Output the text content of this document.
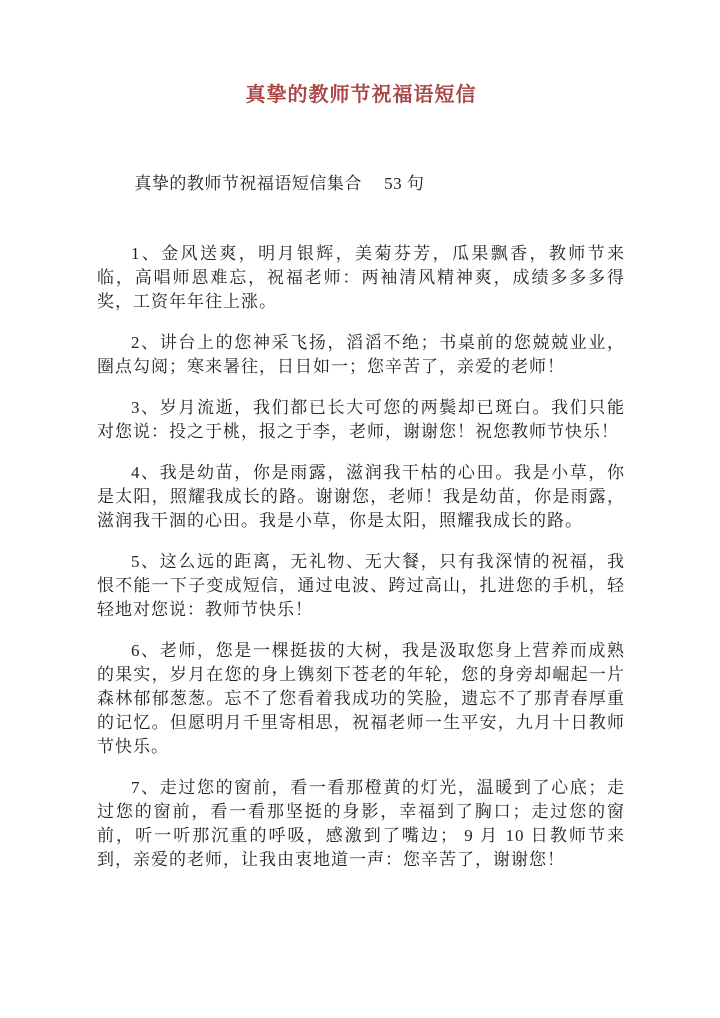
真挚的教师节祝福语短信

真挚的教师节祝福语短信集合　 53 句

1、金风送爽，明月银辉，美菊芬芳，瓜果飘香，教师节来临，高唱师恩难忘，祝福老师：两袖清风精神爽，成绩多多多得奖，工资年年往上涨。

2、讲台上的您神采飞扬，滔滔不绝；书桌前的您兢兢业业，圈点勾阅；寒来暑往，日日如一；您辛苦了，亲爱的老师！

3、岁月流逝，我们都已长大可您的两鬓却已斑白。我们只能对您说：投之于桃，报之于李，老师，谢谢您！祝您教师节快乐！

4、我是幼苗，你是雨露，滋润我干枯的心田。我是小草，你是太阳，照耀我成长的路。谢谢您，老师！我是幼苗，你是雨露，滋润我干涸的心田。我是小草，你是太阳，照耀我成长的路。

5、这么远的距离，无礼物、无大餐，只有我深情的祝福，我恨不能一下子变成短信，通过电波、跨过高山，扎进您的手机，轻轻地对您说：教师节快乐！

6、老师，您是一棵挺拔的大树，我是汲取您身上营养而成熟的果实，岁月在您的身上镌刻下苍老的年轮，您的身旁却崛起一片森林郁郁葱葱。忘不了您看着我成功的笑脸，遗忘不了那青春厚重的记忆。但愿明月千里寄相思，祝福老师一生平安，九月十日教师节快乐。

7、走过您的窗前，看一看那橙黄的灯光，温暖到了心底；走过您的窗前，看一看那坚挺的身影，幸福到了胸口；走过您的窗前，听一听那沉重的呼吸，感激到了嘴边； 9 月 10 日教师节来到，亲爱的老师，让我由衷地道一声：您辛苦了，谢谢您！
